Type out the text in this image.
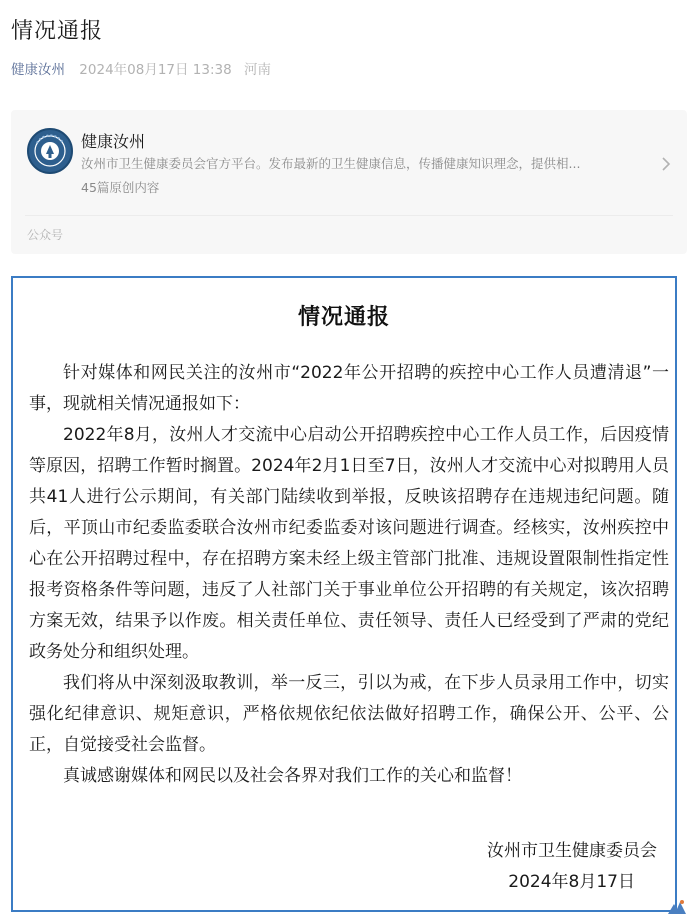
情况通报
健康汝州 2024年08月17日 13:38 河南
健康汝州
汝州市卫生健康委员会官方平台。发布最新的卫生健康信息，传播健康知识理念，提供相...
45篇原创内容
公众号
情况通报

针对媒体和网民关注的汝州市“2022年公开招聘的疾控中心工作人员遭清退”一事，现就相关情况通报如下：

2022年8月，汝州人才交流中心启动公开招聘疾控中心工作人员工作，后因疫情等原因，招聘工作暂时搁置。2024年2月1日至7日，汝州人才交流中心对拟聘用人员共41人进行公示期间，有关部门陆续收到举报，反映该招聘存在违规违纪问题。随后，平顶山市纪委监委联合汝州市纪委监委对该问题进行调查。经核实，汝州疾控中心在公开招聘过程中，存在招聘方案未经上级主管部门批准、违规设置限制性指定性报考资格条件等问题，违反了人社部门关于事业单位公开招聘的有关规定，该次招聘方案无效，结果予以作废。相关责任单位、责任领导、责任人已经受到了严肃的党纪政务处分和组织处理。

我们将从中深刻汲取教训，举一反三，引以为戒，在下步人员录用工作中，切实强化纪律意识、规矩意识，严格依规依纪依法做好招聘工作，确保公开、公平、公正，自觉接受社会监督。

真诚感谢媒体和网民以及社会各界对我们工作的关心和监督！

汝州市卫生健康委员会
2024年8月17日
